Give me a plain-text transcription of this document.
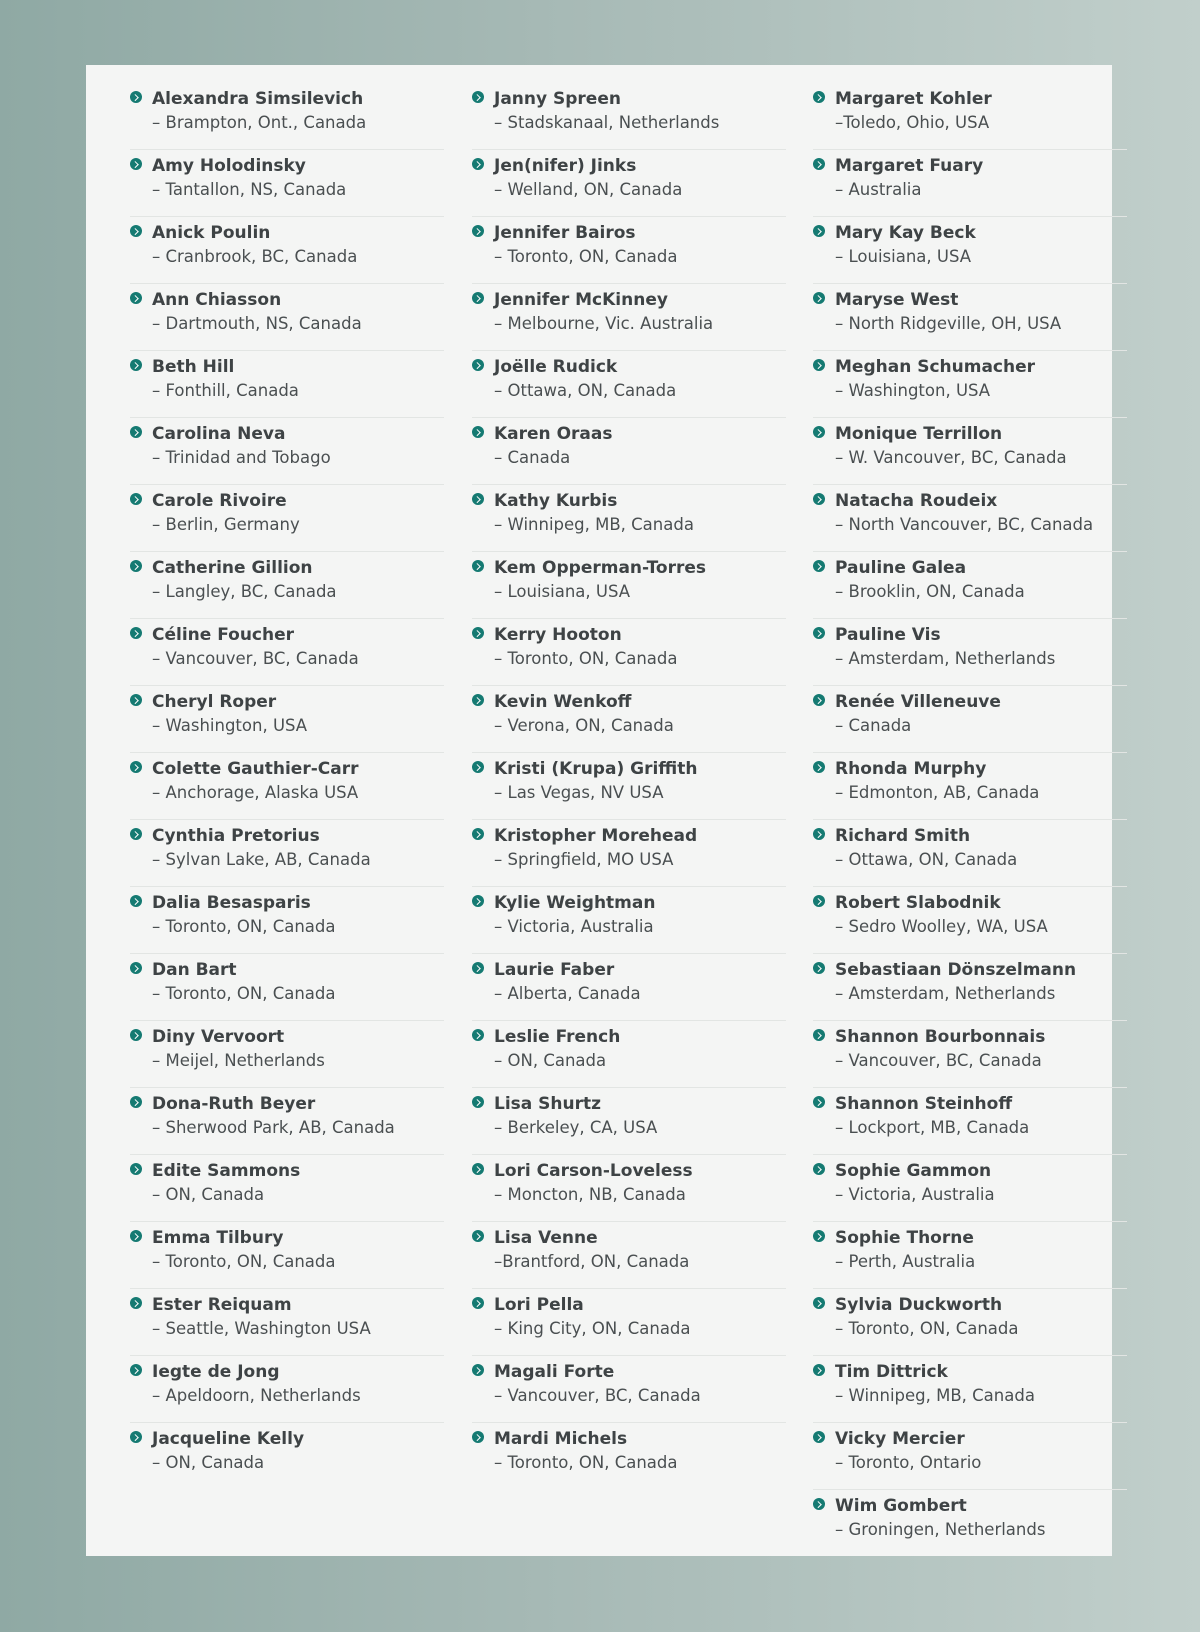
Alexandra Simsilevich
– Brampton, Ont., Canada
Amy Holodinsky
– Tantallon, NS, Canada
Anick Poulin
– Cranbrook, BC, Canada
Ann Chiasson
– Dartmouth, NS, Canada
Beth Hill
– Fonthill, Canada
Carolina Neva
– Trinidad and Tobago
Carole Rivoire
– Berlin, Germany
Catherine Gillion
– Langley, BC, Canada
Céline Foucher
– Vancouver, BC, Canada
Cheryl Roper
– Washington, USA
Colette Gauthier-Carr
– Anchorage, Alaska USA
Cynthia Pretorius
– Sylvan Lake, AB, Canada
Dalia Besasparis
– Toronto, ON, Canada
Dan Bart
– Toronto, ON, Canada
Diny Vervoort
– Meijel, Netherlands
Dona-Ruth Beyer
– Sherwood Park, AB, Canada
Edite Sammons
– ON, Canada
Emma Tilbury
– Toronto, ON, Canada
Ester Reiquam
– Seattle, Washington USA
Iegte de Jong
– Apeldoorn, Netherlands
Jacqueline Kelly
– ON, Canada
Janny Spreen
– Stadskanaal, Netherlands
Jen(nifer) Jinks
– Welland, ON, Canada
Jennifer Bairos
– Toronto, ON, Canada
Jennifer McKinney
– Melbourne, Vic. Australia
Joëlle Rudick
– Ottawa, ON, Canada
Karen Oraas
– Canada
Kathy Kurbis
– Winnipeg, MB, Canada
Kem Opperman-Torres
– Louisiana, USA
Kerry Hooton
– Toronto, ON, Canada
Kevin Wenkoff
– Verona, ON, Canada
Kristi (Krupa) Griffith
– Las Vegas, NV USA
Kristopher Morehead
– Springfield, MO USA
Kylie Weightman
– Victoria, Australia
Laurie Faber
– Alberta, Canada
Leslie French
– ON, Canada
Lisa Shurtz
– Berkeley, CA, USA
Lori Carson-Loveless
– Moncton, NB, Canada
Lisa Venne
–Brantford, ON, Canada
Lori Pella
– King City, ON, Canada
Magali Forte
– Vancouver, BC, Canada
Mardi Michels
– Toronto, ON, Canada
Margaret Kohler
–Toledo, Ohio, USA
Margaret Fuary
– Australia
Mary Kay Beck
– Louisiana, USA
Maryse West
– North Ridgeville, OH, USA
Meghan Schumacher
– Washington, USA
Monique Terrillon
– W. Vancouver, BC, Canada
Natacha Roudeix
– North Vancouver, BC, Canada
Pauline Galea
– Brooklin, ON, Canada
Pauline Vis
– Amsterdam, Netherlands
Renée Villeneuve
– Canada
Rhonda Murphy
– Edmonton, AB, Canada
Richard Smith
– Ottawa, ON, Canada
Robert Slabodnik
– Sedro Woolley, WA, USA
Sebastiaan Dönszelmann
– Amsterdam, Netherlands
Shannon Bourbonnais
– Vancouver, BC, Canada
Shannon Steinhoff
– Lockport, MB, Canada
Sophie Gammon
– Victoria, Australia
Sophie Thorne
– Perth, Australia
Sylvia Duckworth
– Toronto, ON, Canada
Tim Dittrick
– Winnipeg, MB, Canada
Vicky Mercier
– Toronto, Ontario
Wim Gombert
– Groningen, Netherlands
